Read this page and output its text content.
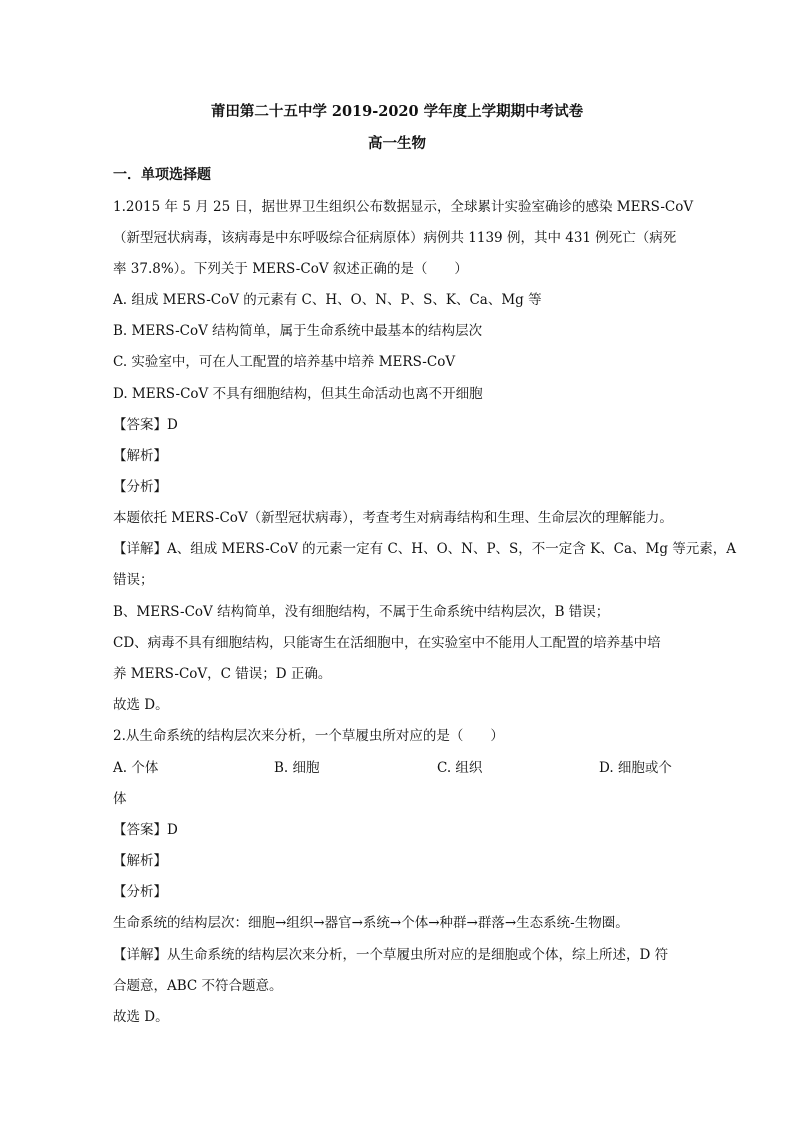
莆田第二十五中学 2019-2020 学年度上学期期中考试卷
高一生物
一．单项选择题
1.2015 年 5 月 25 日，据世界卫生组织公布数据显示，全球累计实验室确诊的感染 MERS-CoV
（新型冠状病毒，该病毒是中东呼吸综合征病原体）病例共 1139 例，其中 431 例死亡（病死
率 37.8%）。下列关于 MERS-CoV 叙述正确的是（　　）
A. 组成 MERS-CoV 的元素有 C、H、O、N、P、S、K、Ca、Mg 等
B. MERS-CoV 结构简单，属于生命系统中最基本的结构层次
C. 实验室中，可在人工配置的培养基中培养 MERS-CoV
D. MERS-CoV 不具有细胞结构，但其生命活动也离不开细胞
【答案】D
【解析】
【分析】
本题依托 MERS-CoV（新型冠状病毒），考查考生对病毒结构和生理、生命层次的理解能力。
【详解】A、组成 MERS-CoV 的元素一定有 C、H、O、N、P、S，不一定含 K、Ca、Mg 等元素，A
错误；
B、MERS-CoV 结构简单，没有细胞结构，不属于生命系统中结构层次，B 错误；
CD、病毒不具有细胞结构，只能寄生在活细胞中，在实验室中不能用人工配置的培养基中培
养 MERS-CoV，C 错误；D 正确。
故选 D。
2.从生命系统的结构层次来分析，一个草履虫所对应的是（　　）
A. 个体	B. 细胞	C. 组织	D. 细胞或个
体
【答案】D
【解析】
【分析】
生命系统的结构层次：细胞→组织→器官→系统→个体→种群→群落→生态系统-生物圈。
【详解】从生命系统的结构层次来分析，一个草履虫所对应的是细胞或个体，综上所述，D 符
合题意，ABC 不符合题意。
故选 D。
